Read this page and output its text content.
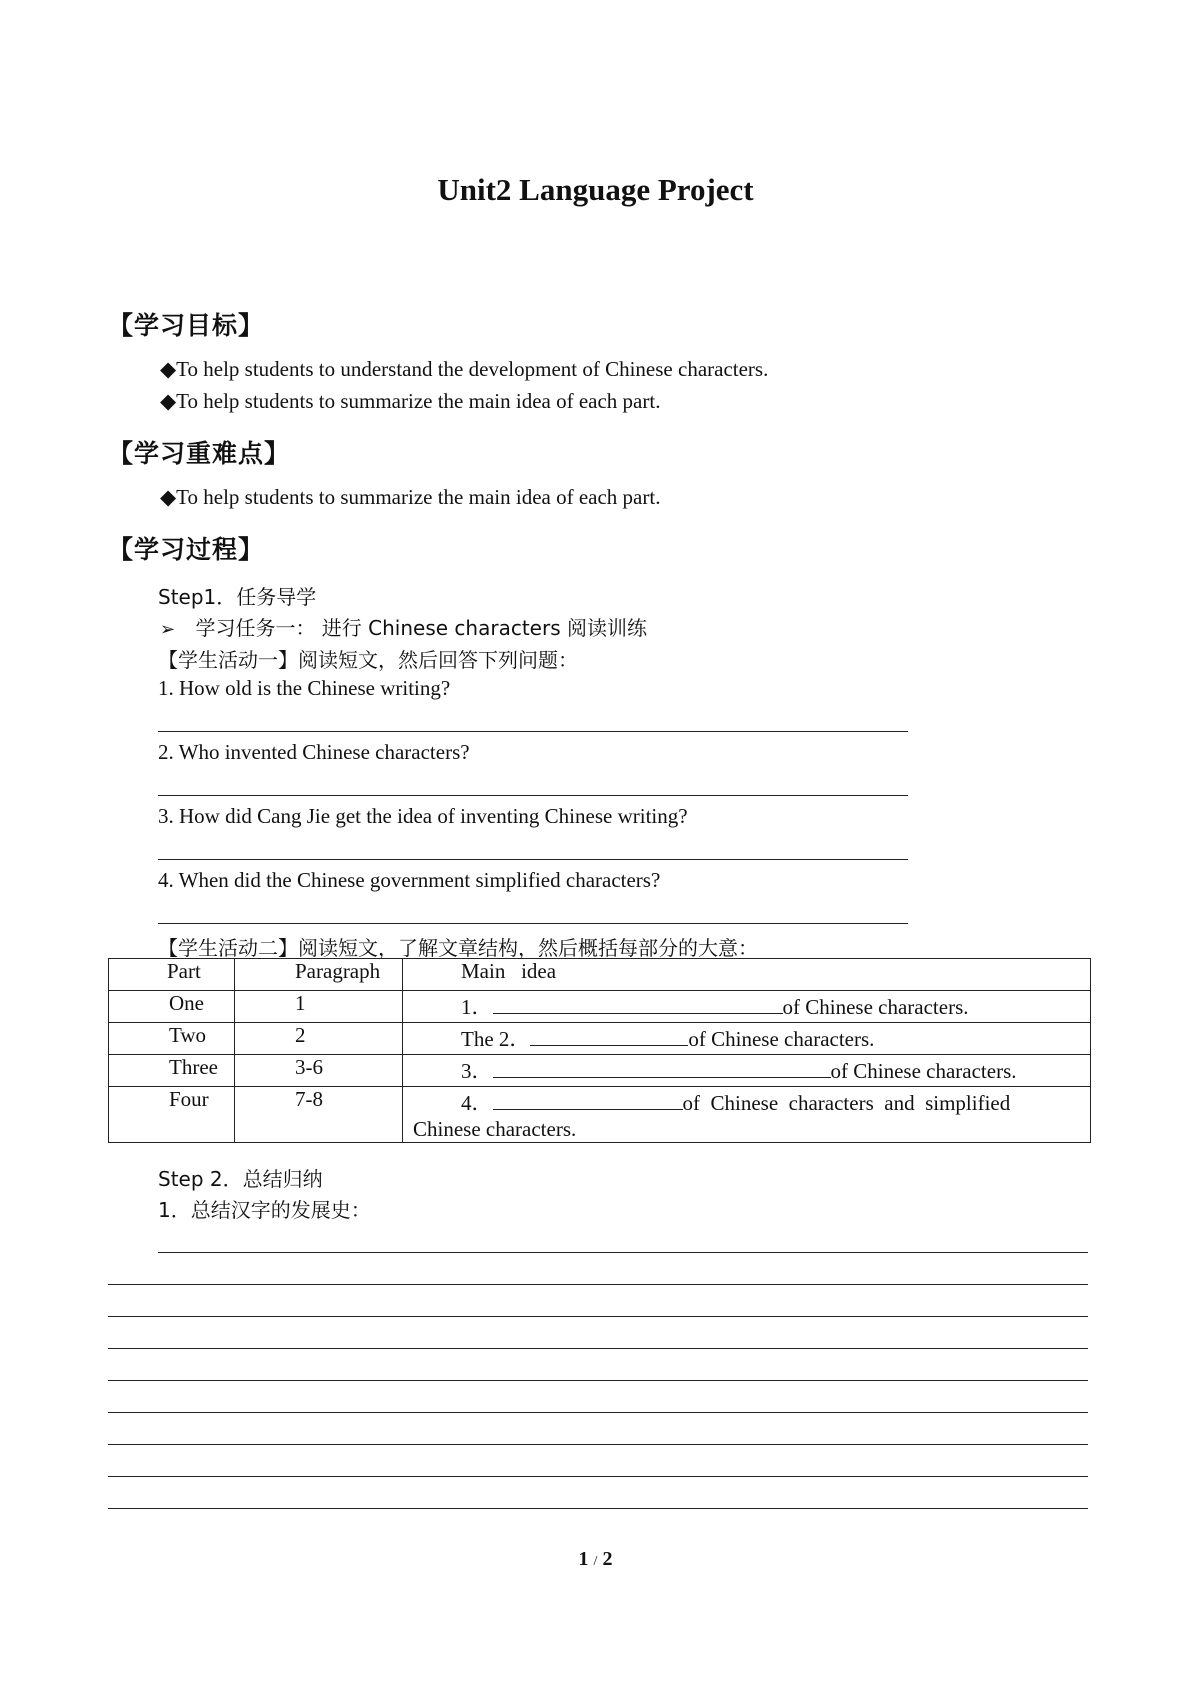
Unit2 Language Project
【学习目标】
◆To help students to understand the development of Chinese characters.
◆To help students to summarize the main idea of each part.
【学习重难点】
◆To help students to summarize the main idea of each part.
【学习过程】
Step1．任务导学
➢ 学习任务一： 进行 Chinese characters 阅读训练
【学生活动一】阅读短文，然后回答下列问题：
1. How old is the Chinese writing?
2. Who invented Chinese characters?
3. How did Cang Jie get the idea of inventing Chinese writing?
4. When did the Chinese government simplified characters?
【学生活动二】阅读短文，了解文章结构，然后概括每部分的大意：
Part	Paragraph	Main   idea
One	1	1． of Chinese characters.
Two	2	The 2． of Chinese characters.
Three	3-6	3． of Chinese characters.
Four	7-8	4． of  Chinese  characters  and  simplified
Chinese characters.
Step 2．总结归纳
1．总结汉字的发展史：
1 / 2
